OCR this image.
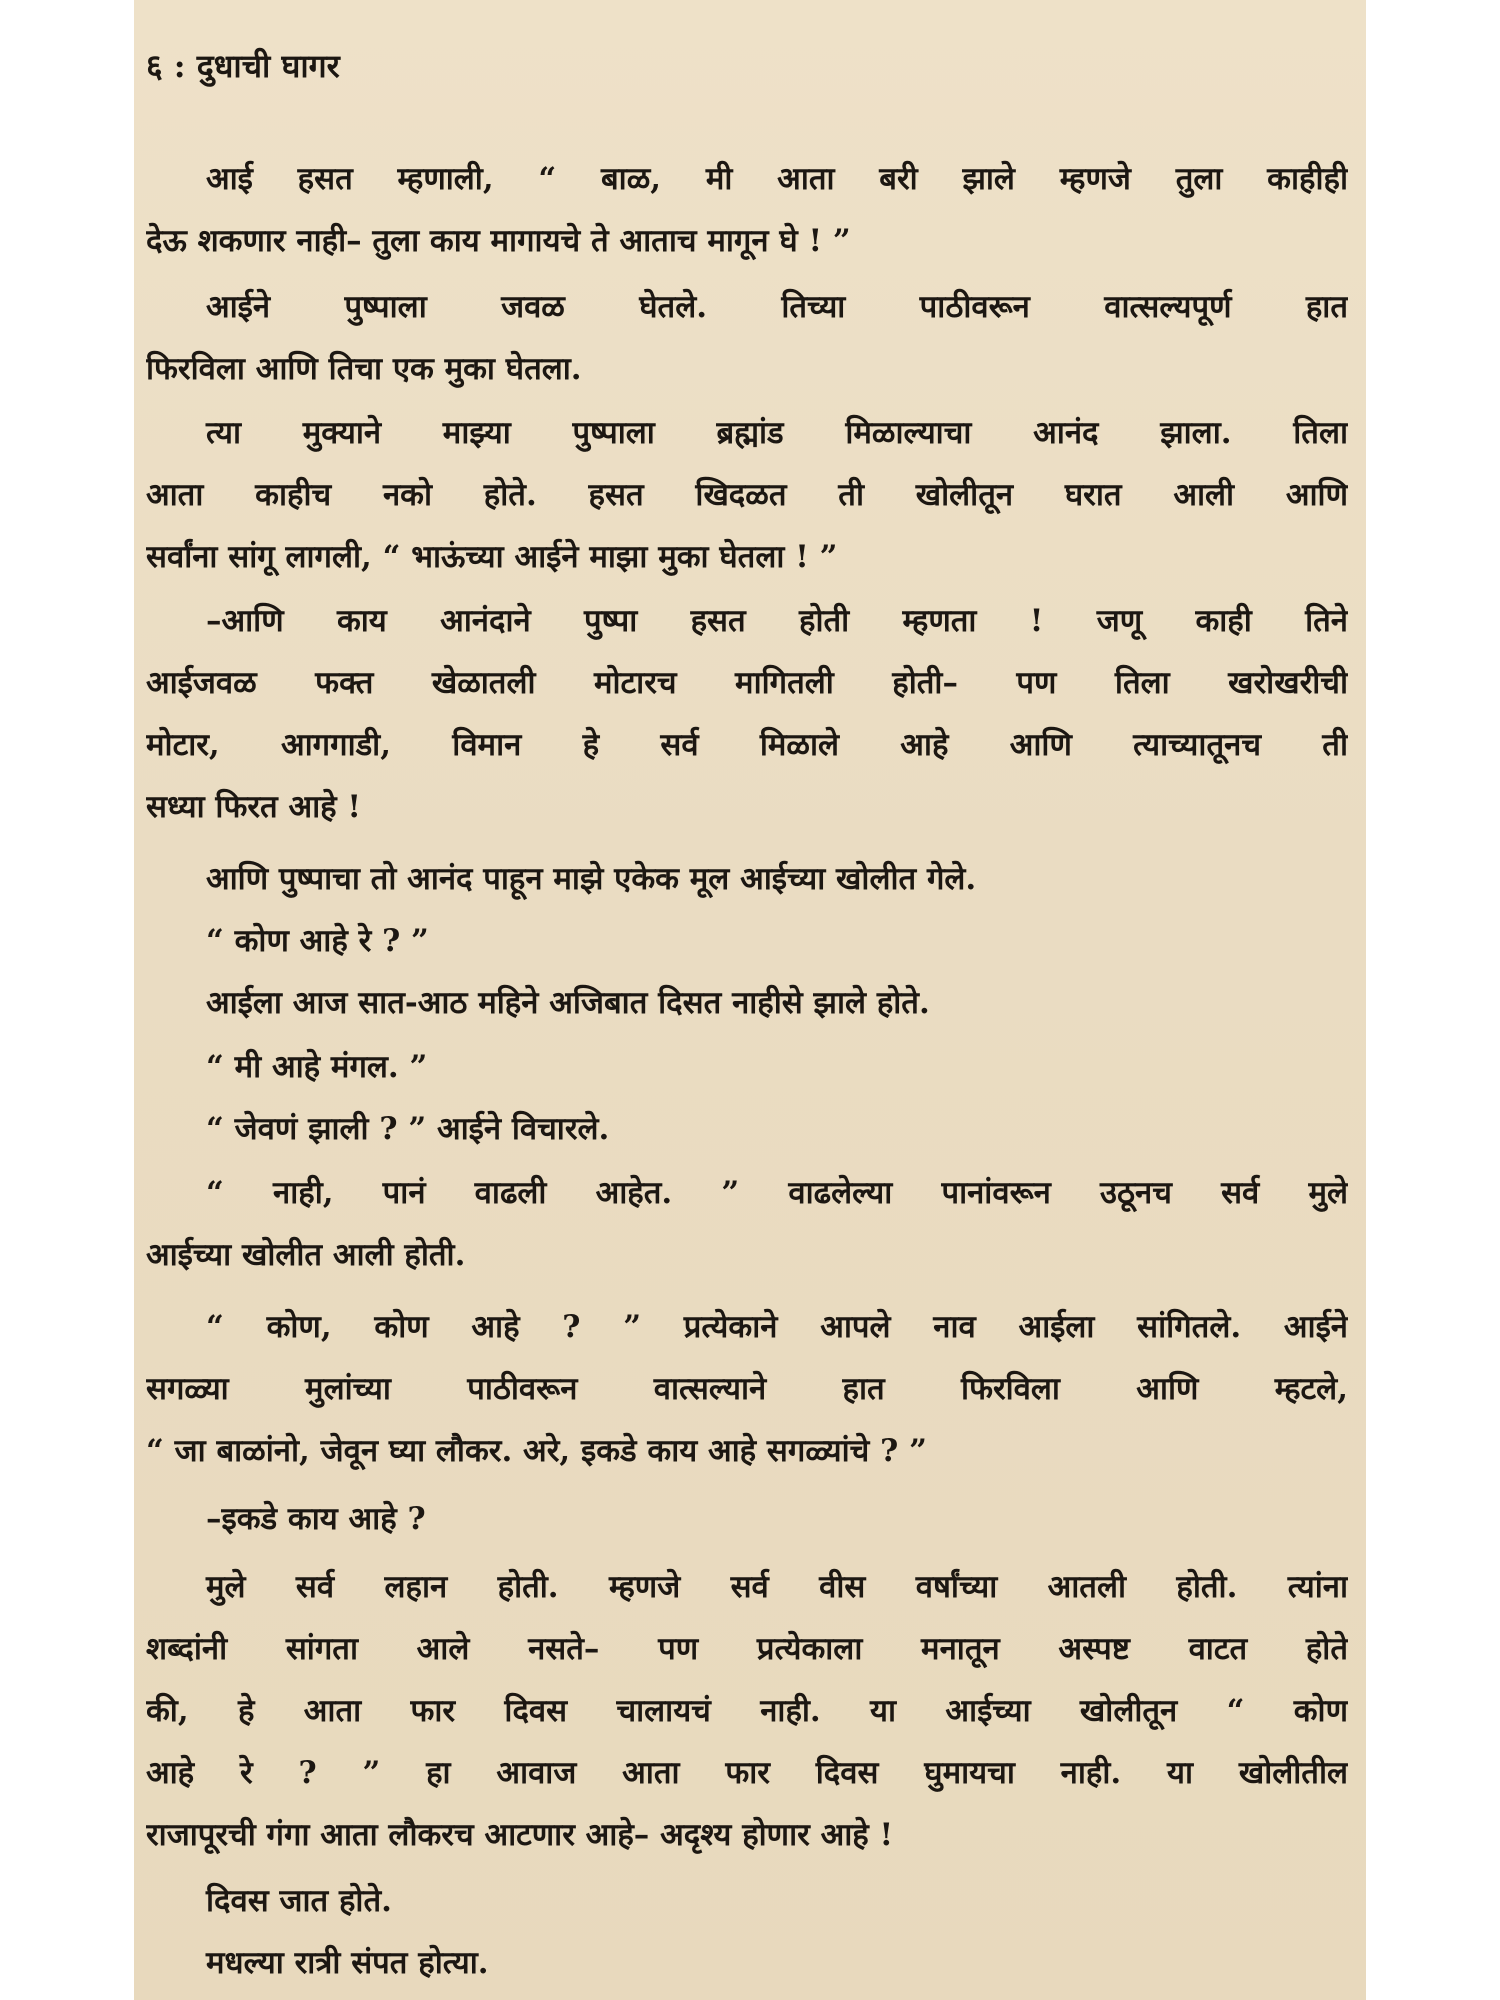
६ : दुधाची घागर
आई हसत म्हणाली, “ बाळ, मी आता बरी झाले म्हणजे तुला काहीही
देऊ शकणार नाही– तुला काय मागायचे ते आताच मागून घे ! ”
आईने पुष्पाला जवळ घेतले. तिच्या पाठीवरून वात्सल्यपूर्ण हात
फिरविला आणि तिचा एक मुका घेतला.
त्या मुक्याने माझ्या पुष्पाला ब्रह्मांड मिळाल्याचा आनंद झाला. तिला
आता काहीच नको होते. हसत खिदळत ती खोलीतून घरात आली आणि
सर्वांना सांगू लागली, “ भाऊंच्या आईने माझा मुका घेतला ! ”
–आणि काय आनंदाने पुष्पा हसत होती म्हणता ! जणू काही तिने
आईजवळ फक्त खेळातली मोटारच मागितली होती– पण तिला खरोखरीची
मोटार, आगगाडी, विमान हे सर्व मिळाले आहे आणि त्याच्यातूनच ती
सध्या फिरत आहे !
आणि पुष्पाचा तो आनंद पाहून माझे एकेक मूल आईच्या खोलीत गेले.
“ कोण आहे रे ? ”
आईला आज सात-आठ महिने अजिबात दिसत नाहीसे झाले होते.
“ मी आहे मंगल. ”
“ जेवणं झाली ? ” आईने विचारले.
“ नाही, पानं वाढली आहेत. ” वाढलेल्या पानांवरून उठूनच सर्व मुले
आईच्या खोलीत आली होती.
“ कोण, कोण आहे ? ” प्रत्येकाने आपले नाव आईला सांगितले. आईने
सगळ्या मुलांच्या पाठीवरून वात्सल्याने हात फिरविला आणि म्हटले,
“ जा बाळांनो, जेवून घ्या लौकर. अरे, इकडे काय आहे सगळ्यांचे ? ”
–इकडे काय आहे ?
मुले सर्व लहान होती. म्हणजे सर्व वीस वर्षांच्या आतली होती. त्यांना
शब्दांनी सांगता आले नसते– पण प्रत्येकाला मनातून अस्पष्ट वाटत होते
की, हे आता फार दिवस चालायचं नाही. या आईच्या खोलीतून “ कोण
आहे रे ? ” हा आवाज आता फार दिवस घुमायचा नाही. या खोलीतील
राजापूरची गंगा आता लौकरच आटणार आहे– अदृश्य होणार आहे !
दिवस जात होते.
मधल्या रात्री संपत होत्या.
